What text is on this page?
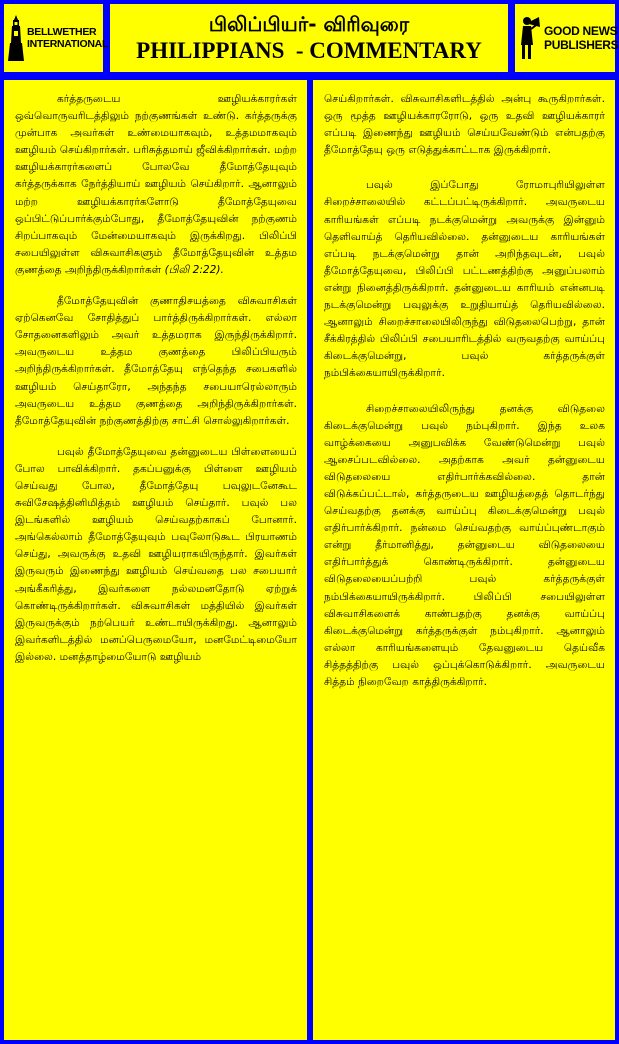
BELLWETHER
INTERNATIONAL
பிலிப்பியர்- விரிவுரை
PHILIPPIANS  - COMMENTARY
GOOD NEWS
PUBLISHERS

கர்த்தருடைய ஊழியக்காரர்கள் ஒவ்வொருவரிடத்திலும் நற்குணங்கள் உண்டு. கர்த்தருக்கு முன்பாக அவர்கள் உண்மையாகவும், உத்தமமாகவும் ஊழியம் செய்கிறார்கள். பரிசுத்தமாய் ஜீவிக்கிறார்கள். மற்ற ஊழியக்காரர்களைப் போலவே தீமோத்தேயுவும் கர்த்தருக்காக நேர்த்தியாய் ஊழியம் செய்கிறார். ஆனாலும் மற்ற ஊழியக்காரர்களோடு தீமோத்தேயுவை ஒப்பிட்டுப்பார்க்கும்போது, தீமோத்தேயுவின் நற்குணம் சிறப்பாகவும் மேன்மையாகவும் இருக்கிறது. பிலிப்பி சபையிலுள்ள விசுவாசிகளும் தீமோத்தேயுவின் உத்தம குணத்தை அறிந்திருக்கிறார்கள் (பிலி 2:22).

தீமோத்தேயுவின் குணாதிசயத்தை விசுவாசிகள் ஏற்கெனவே சோதித்துப் பார்த்திருக்கிறார்கள். எல்லா சோதனைகளிலும் அவர் உத்தமராக இருந்திருக்கிறார். அவருடைய உத்தம குணத்தை பிலிப்பியரும் அறிந்திருக்கிறார்கள். தீமோத்தேயு எந்தெந்த சபைகளில் ஊழியம் செய்தாரோ, அந்தந்த சபையாரெல்லாரும் அவருடைய உத்தம குணத்தை அறிந்திருக்கிறார்கள். தீமோத்தேயுவின் நற்குணத்திற்கு சாட்சி சொல்லுகிறார்கள்.

பவுல் தீமோத்தேயுவை தன்னுடைய பிள்ளையைப் போல பாவிக்கிறார். தகப்பனுக்கு பிள்ளை ஊழியம் செய்வது போல, தீமோத்தேயு பவுலுடனேகூட சுவிசேஷத்தினிமித்தம் ஊழியம் செய்தார். பவுல் பல இடங்களில் ஊழியம் செய்வதற்காகப் போனார். அங்கெல்லாம் தீமோத்தேயுவும் பவுலோடுகூட பிரயாணம் செய்து, அவருக்கு உதவி ஊழியராகயிருந்தார். இவர்கள் இருவரும் இணைந்து ஊழியம் செய்வதை பல சபையார் அங்கீகரித்து, இவர்களை நல்லமனதோடு ஏற்றுக் கொண்டிருக்கிறார்கள். விசுவாசிகள் மத்தியில் இவர்கள் இருவருக்கும் நற்பெயர் உண்டாயிருக்கிறது. ஆனாலும் இவர்களிடத்தில் மனப்பெருமையோ, மனமேட்டிமையோ இல்லை. மனத்தாழ்மையோடு ஊழியம்

செய்கிறார்கள். விசுவாசிகளிடத்தில் அன்பு கூருகிறார்கள். ஒரு மூத்த ஊழியக்காரரோடு, ஒரு உதவி ஊழியக்காரர் எப்படி இணைந்து ஊழியம் செய்யவேண்டும் என்பதற்கு தீமோத்தேயு ஒரு எடுத்துக்காட்டாக இருக்கிறார்.

பவுல் இப்போது ரோமாபுரியிலுள்ள சிறைச்சாலையில் கட்டப்பட்டிருக்கிறார். அவருடைய காரியங்கள் எப்படி நடக்குமென்று அவருக்கு இன்னும் தெளிவாய்த் தெரியவில்லை. தன்னுடைய காரியங்கள் எப்படி நடக்குமென்று தான் அறிந்தவுடன், பவுல் தீமோத்தேயுவை, பிலிப்பி பட்டணத்திற்கு அனுப்பலாம் என்று நினைத்திருக்கிறார். தன்னுடைய காரியம் என்னபடி நடக்குமென்று பவுலுக்கு உறுதியாய்த் தெரியவில்லை. ஆனாலும் சிறைச்சாலையிலிருந்து விடுதலைபெற்று, தான் சீக்கிரத்தில் பிலிப்பி சபையாரிடத்தில் வருவதற்கு வாய்ப்பு கிடைக்குமென்று, பவுல் கர்த்தருக்குள் நம்பிக்கையாயிருக்கிறார்.

சிறைச்சாலையிலிருந்து தனக்கு விடுதலை கிடைக்குமென்று பவுல் நம்புகிறார். இந்த உலக வாழ்க்கையை அனுபவிக்க வேண்டுமென்று பவுல் ஆசைப்படவில்லை. அதற்காக அவர் தன்னுடைய விடுதலையை எதிர்பார்க்கவில்லை. தான் விடுக்கப்பட்டால், கர்த்தருடைய ஊழியத்தைத் தொடர்ந்து செய்வதற்கு தனக்கு வாய்ப்பு கிடைக்குமென்று பவுல் எதிர்பார்க்கிறார். நன்மை செய்வதற்கு வாய்ப்புண்டாகும் என்று தீர்மானித்து, தன்னுடைய விடுதலையை எதிர்பார்த்துக் கொண்டிருக்கிறார். தன்னுடைய விடுதலையைப்பற்றி பவுல் கர்த்தருக்குள் நம்பிக்கையாயிருக்கிறார். பிலிப்பி சபையிலுள்ள விசுவாசிகளைக் காண்பதற்கு தனக்கு வாய்ப்பு கிடைக்குமென்று கர்த்தருக்குள் நம்புகிறார். ஆனாலும் எல்லா காரியங்களையும் தேவனுடைய தெய்வீக சித்தத்திற்கு பவுல் ஒப்புக்கொடுக்கிறார். அவருடைய சித்தம் நிறைவேற காத்திருக்கிறார்.
